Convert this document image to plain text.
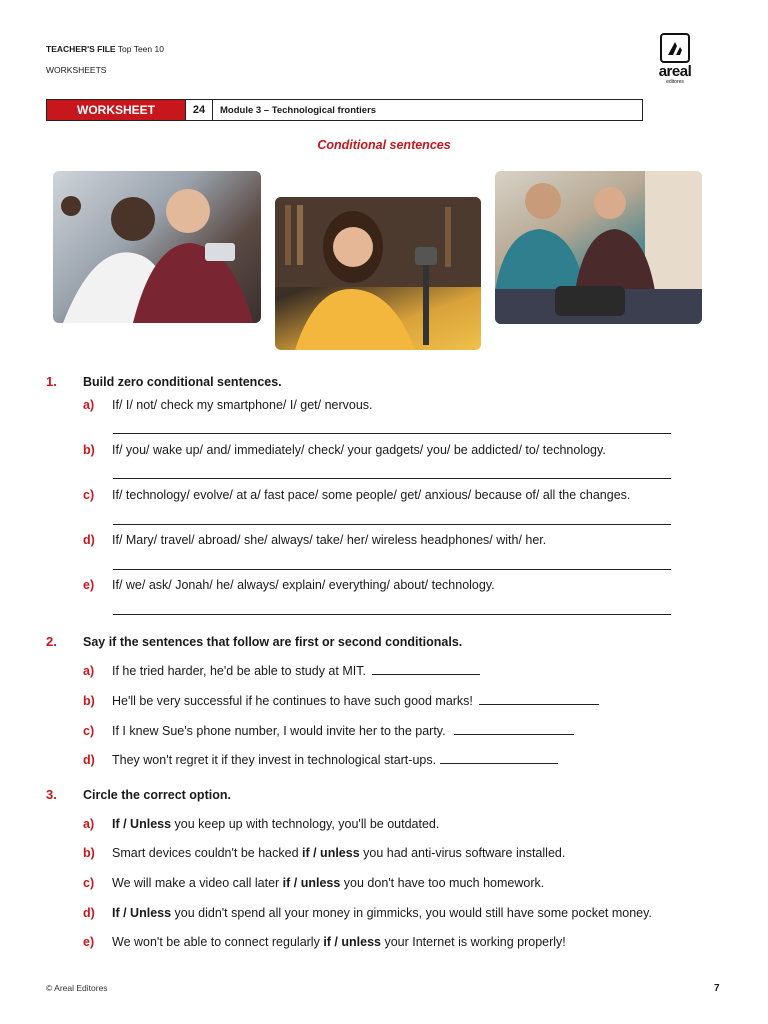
TEACHER'S FILE Top Teen 10
WORKSHEETS	areal
editores
WORKSHEET	24	Module 3 – Technological frontiers
Conditional sentences
1. Build zero conditional sentences.
a) If/ I/ not/ check my smartphone/ I/ get/ nervous.
b) If/ you/ wake up/ and/ immediately/ check/ your gadgets/ you/ be addicted/ to/ technology.
c) If/ technology/ evolve/ at a/ fast pace/ some people/ get/ anxious/ because of/ all the changes.
d) If/ Mary/ travel/ abroad/ she/ always/ take/ her/ wireless headphones/ with/ her.
e) If/ we/ ask/ Jonah/ he/ always/ explain/ everything/ about/ technology.
2. Say if the sentences that follow are first or second conditionals.
a) If he tried harder, he'd be able to study at MIT.
b) He'll be very successful if he continues to have such good marks!
c) If I knew Sue's phone number, I would invite her to the party.
d) They won't regret it if they invest in technological start-ups.
3. Circle the correct option.
a) If / Unless you keep up with technology, you'll be outdated.
b) Smart devices couldn't be hacked if / unless you had anti-virus software installed.
c) We will make a video call later if / unless you don't have too much homework.
d) If / Unless you didn't spend all your money in gimmicks, you would still have some pocket money.
e) We won't be able to connect regularly if / unless your Internet is working properly!
© Areal Editores	7
